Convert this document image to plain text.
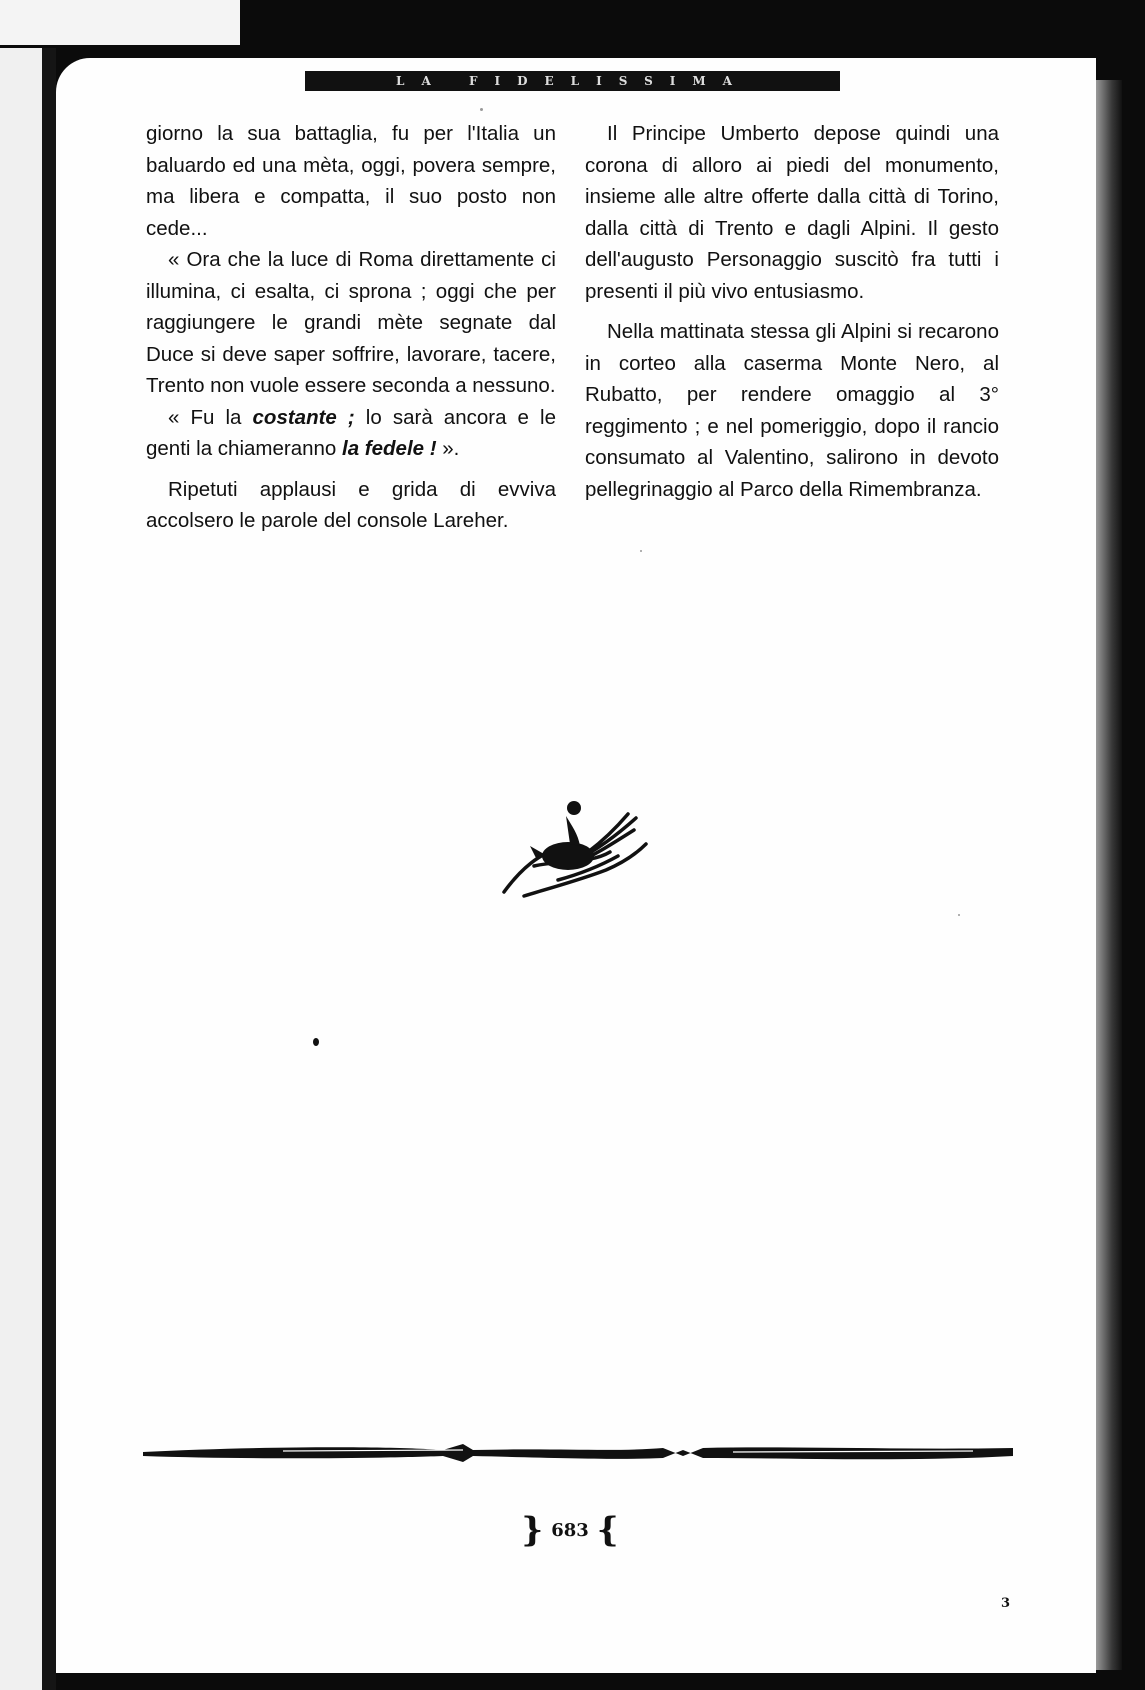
LA FIDELISSIMA

giorno la sua battaglia, fu per l'Italia un baluardo ed una mèta, oggi, povera sempre, ma libera e compatta, il suo posto non cede...

« Ora che la luce di Roma direttamente ci illumina, ci esalta, ci sprona ; oggi che per raggiungere le grandi mète segnate dal Duce si deve saper soffrire, lavorare, tacere, Trento non vuole essere seconda a nessuno.

« Fu la costante ; lo sarà ancora e le genti la chiameranno la fedele ! ».

Ripetuti applausi e grida di evviva accolsero le parole del console Lareher.

Il Principe Umberto depose quindi una corona di alloro ai piedi del monumento, insieme alle altre offerte dalla città di Torino, dalla città di Trento e dagli Alpini. Il gesto dell'augusto Personaggio suscitò fra tutti i presenti il più vivo entusiasmo.

Nella mattinata stessa gli Alpini si recarono in corteo alla caserma Monte Nero, al Rubatto, per rendere omaggio al 3° reggimento ; e nel pomeriggio, dopo il rancio consumato al Valentino, salirono in devoto pellegrinaggio al Parco della Rimembranza.

} 683 {
3
